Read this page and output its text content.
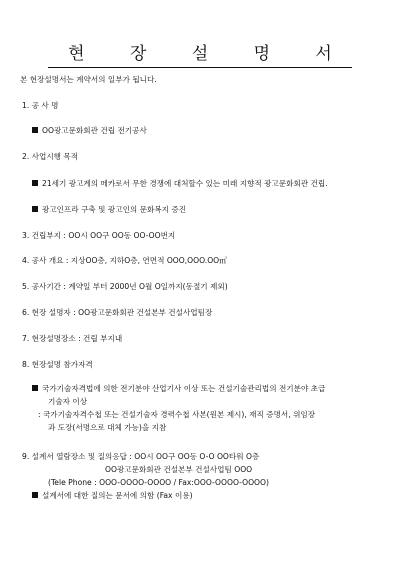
현 장 설 명 서
본 현장설명서는 계약서의 일부가 됩니다.
1. 공 사 명
OO광고문화회관 건립 전기공사
2. 사업시행 목적
21세기 광고계의 메카로서 무한 경쟁에 대처할수 있는 미래 지향적 광고문화회관 건립.
광고인프라 구축 및 광고인의 문화복지 증진
3. 건립부지 : OO시 OO구 OO동 OO-OO번지
4. 공사 개요 : 지상OO층, 지하O층, 연면적 OOO,OOO.OO㎡
5. 공사기간 : 계약일 부터 2000년 O월 O일까지(동절기 제외)
6. 현장 설명자 : OO광고문화회관 건설본부 건설사업팀장
7. 현장설명장소 : 건립 부지내
8. 현장설명 참가자격
국가기술자격법에 의한 전기분야 산업기사 이상 또는 건설기술관리법의 전기분야 초급
기술자 이상
: 국가기술자격수첩 또는 건설기술자 경력수첩 사본(원본 제시), 재직 증명서, 위임장
과 도장(서명으로 대체 가능)을 지참
9. 설계서 열람장소 및 질의응답 : OO시 OO구 OO동 O-O OO타워 O층
OO광고문화회관 건설본부 건설사업팀 OOO
(Tele Phone : OOO-OOOO-OOOO / Fax:OOO-OOOO-OOOO)
설계서에 대한 질의는 문서에 의함 (Fax 이용)
